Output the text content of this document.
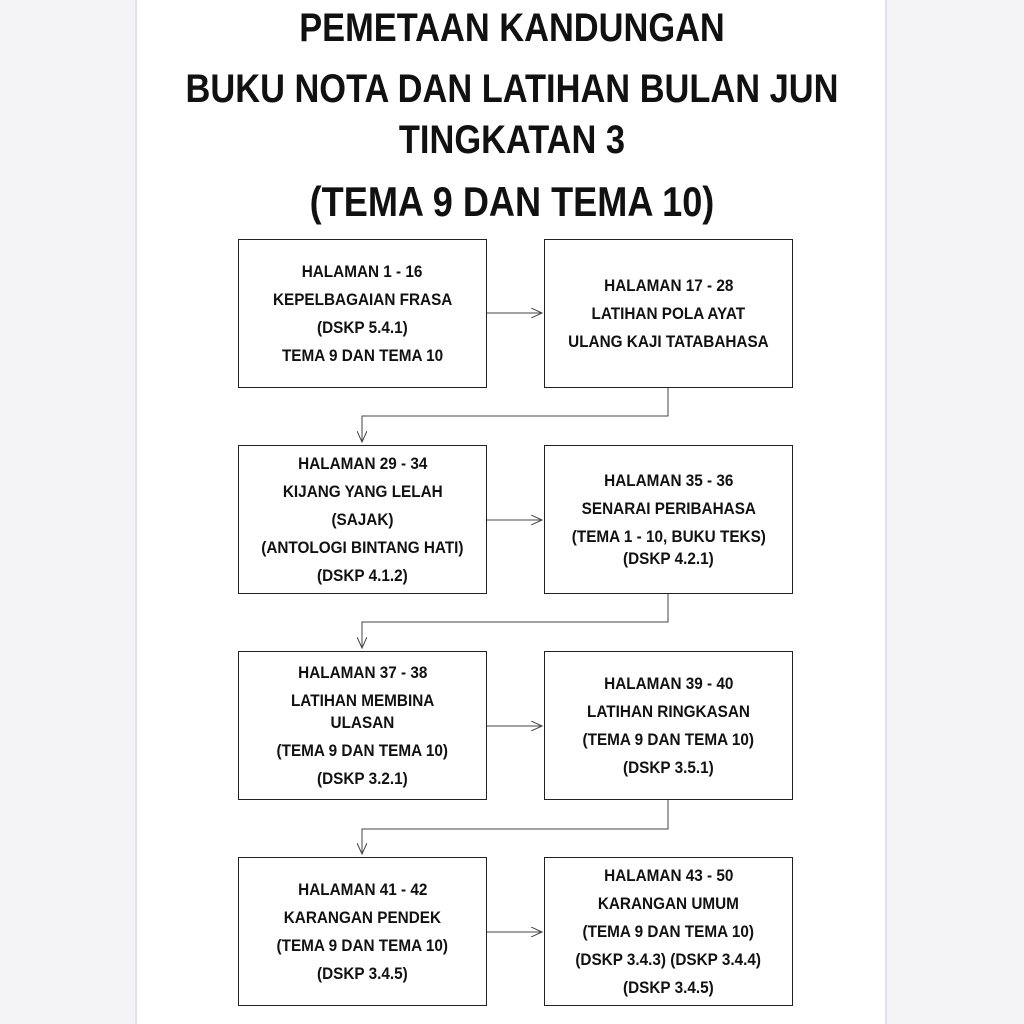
PEMETAAN KANDUNGAN
BUKU NOTA DAN LATIHAN BULAN JUN
TINGKATAN 3
(TEMA 9 DAN TEMA 10)
HALAMAN 1 - 16
KEPELBAGAIAN FRASA
(DSKP 5.4.1)
TEMA 9 DAN TEMA 10
HALAMAN 17 - 28
LATIHAN POLA AYAT
ULANG KAJI TATABAHASA
HALAMAN 29 - 34
KIJANG YANG LELAH
(SAJAK)
(ANTOLOGI BINTANG HATI)
(DSKP 4.1.2)
HALAMAN 35 - 36
SENARAI PERIBAHASA
(TEMA 1 - 10, BUKU TEKS)
(DSKP 4.2.1)
HALAMAN 37 - 38
LATIHAN MEMBINA
ULASAN
(TEMA 9 DAN TEMA 10)
(DSKP 3.2.1)
HALAMAN 39 - 40
LATIHAN RINGKASAN
(TEMA 9 DAN TEMA 10)
(DSKP 3.5.1)
HALAMAN 41 - 42
KARANGAN PENDEK
(TEMA 9 DAN TEMA 10)
(DSKP 3.4.5)
HALAMAN 43 - 50
KARANGAN UMUM
(TEMA 9 DAN TEMA 10)
(DSKP 3.4.3) (DSKP 3.4.4)
(DSKP 3.4.5)
